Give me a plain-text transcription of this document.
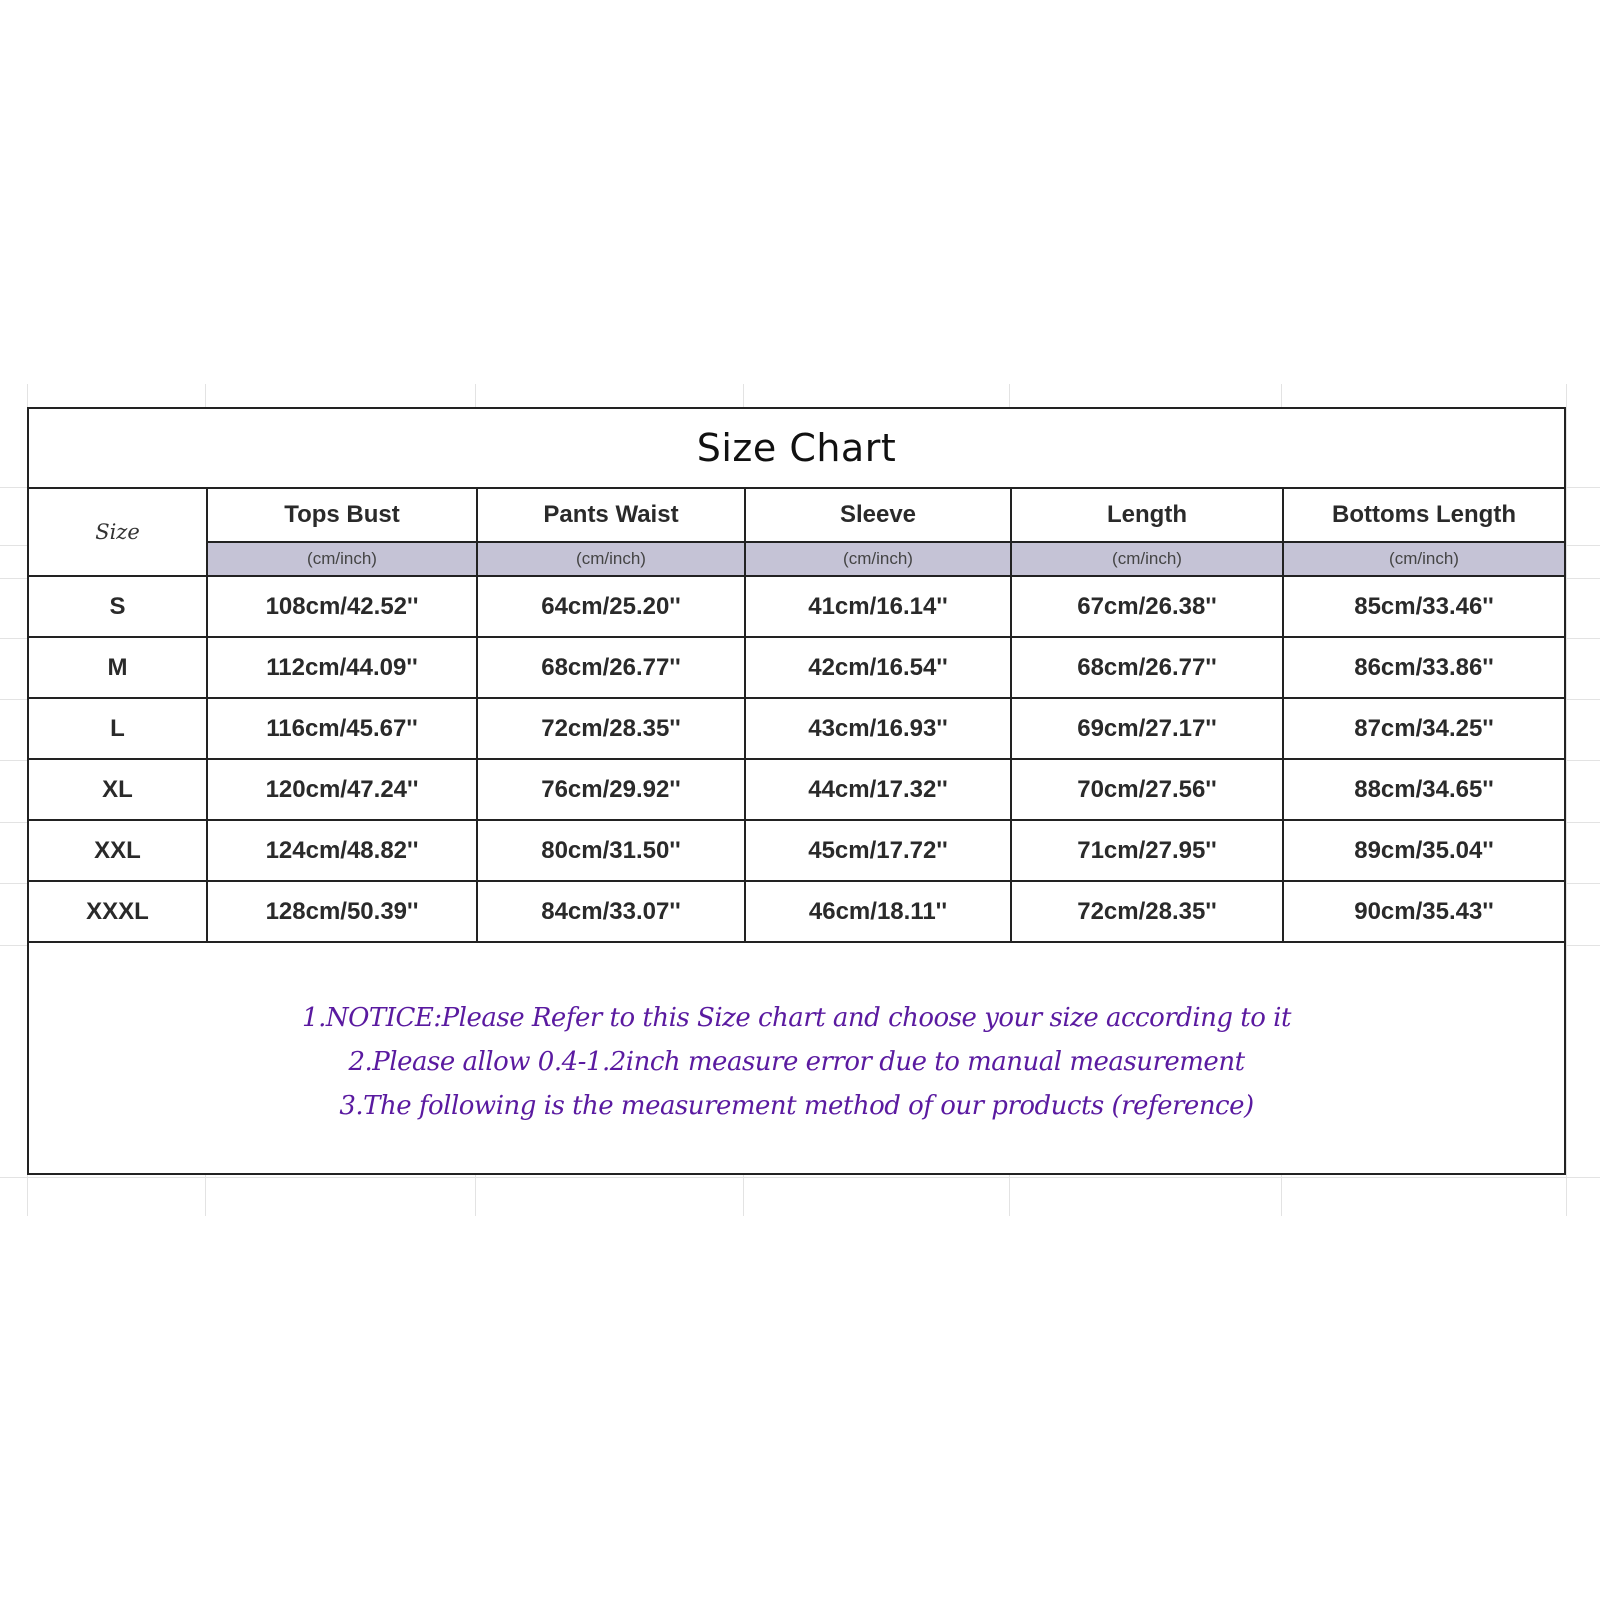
Size Chart
Size	Tops Bust	Pants Waist	Sleeve	Length	Bottoms Length
	(cm/inch)	(cm/inch)	(cm/inch)	(cm/inch)	(cm/inch)
S	108cm/42.52''	64cm/25.20''	41cm/16.14''	67cm/26.38''	85cm/33.46''
M	112cm/44.09''	68cm/26.77''	42cm/16.54''	68cm/26.77''	86cm/33.86''
L	116cm/45.67''	72cm/28.35''	43cm/16.93''	69cm/27.17''	87cm/34.25''
XL	120cm/47.24''	76cm/29.92''	44cm/17.32''	70cm/27.56''	88cm/34.65''
XXL	124cm/48.82''	80cm/31.50''	45cm/17.72''	71cm/27.95''	89cm/35.04''
XXXL	128cm/50.39''	84cm/33.07''	46cm/18.11''	72cm/28.35''	90cm/35.43''
1.NOTICE:Please Refer to this Size chart and choose your size according to it
2.Please allow 0.4-1.2inch measure error due to manual measurement
3.The following is the measurement method of our products (reference)
